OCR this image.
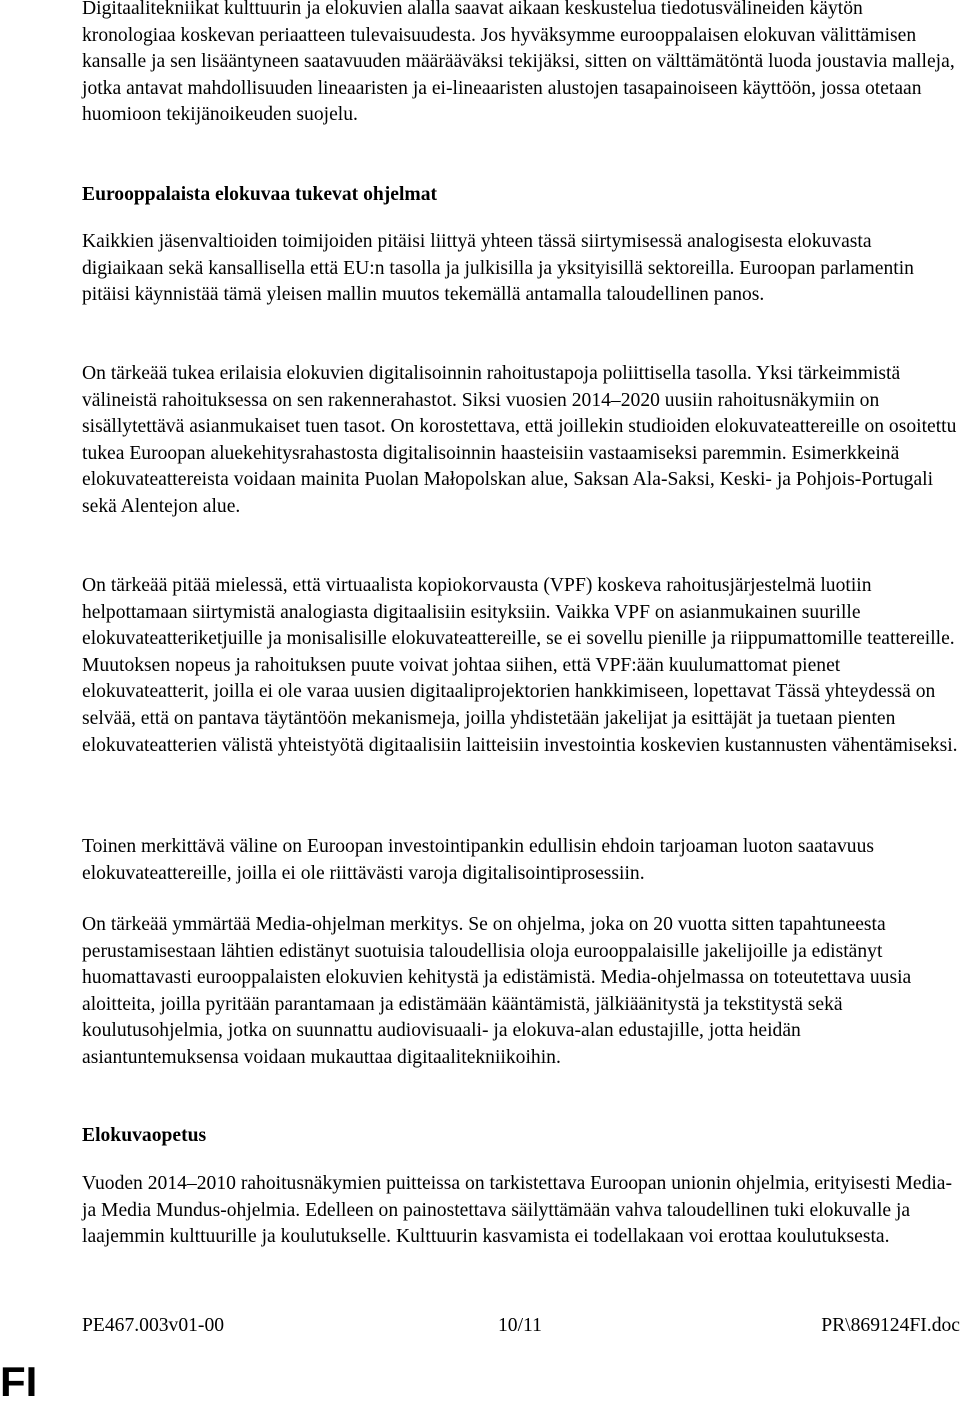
Digitaalitekniikat kulttuurin ja elokuvien alalla saavat aikaan keskustelua tiedotusvälineiden käytön kronologiaa koskevan periaatteen tulevaisuudesta. Jos hyväksymme eurooppalaisen elokuvan välittämisen kansalle ja sen lisääntyneen saatavuuden määrääväksi tekijäksi, sitten on välttämätöntä luoda joustavia malleja, jotka antavat mahdollisuuden lineaaristen ja ei-lineaaristen alustojen tasapainoiseen käyttöön, jossa otetaan huomioon tekijänoikeuden suojelu.

Eurooppalaista elokuvaa tukevat ohjelmat

Kaikkien jäsenvaltioiden toimijoiden pitäisi liittyä yhteen tässä siirtymisessä analogisesta elokuvasta digiaikaan sekä kansallisella että EU:n tasolla ja julkisilla ja yksityisillä sektoreilla. Euroopan parlamentin pitäisi käynnistää tämä yleisen mallin muutos tekemällä antamalla taloudellinen panos.

On tärkeää tukea erilaisia elokuvien digitalisoinnin rahoitustapoja poliittisella tasolla. Yksi tärkeimmistä välineistä rahoituksessa on sen rakennerahastot. Siksi vuosien 2014–2020 uusiin rahoitusnäkymiin on sisällytettävä asianmukaiset tuen tasot. On korostettava, että joillekin studioiden elokuvateattereille on osoitettu tukea Euroopan aluekehitysrahastosta digitalisoinnin haasteisiin vastaamiseksi paremmin. Esimerkkeinä elokuvateattereista voidaan mainita Puolan Małopolskan alue, Saksan Ala-Saksi, Keski- ja Pohjois-Portugali sekä Alentejon alue.

On tärkeää pitää mielessä, että virtuaalista kopiokorvausta (VPF) koskeva rahoitusjärjestelmä luotiin helpottamaan siirtymistä analogiasta digitaalisiin esityksiin. Vaikka VPF on asianmukainen suurille elokuvateatteriketjuille ja monisalisille elokuvateattereille, se ei sovellu pienille ja riippumattomille teattereille. Muutoksen nopeus ja rahoituksen puute voivat johtaa siihen, että VPF:ään kuulumattomat pienet elokuvateatterit, joilla ei ole varaa uusien digitaaliprojektorien hankkimiseen, lopettavat Tässä yhteydessä on selvää, että on pantava täytäntöön mekanismeja, joilla yhdistetään jakelijat ja esittäjät ja tuetaan pienten elokuvateatterien välistä yhteistyötä digitaalisiin laitteisiin investointia koskevien kustannusten vähentämiseksi.

Toinen merkittävä väline on Euroopan investointipankin edullisin ehdoin tarjoaman luoton saatavuus elokuvateattereille, joilla ei ole riittävästi varoja digitalisointiprosessiin.

On tärkeää ymmärtää Media-ohjelman merkitys. Se on ohjelma, joka on 20 vuotta sitten tapahtuneesta perustamisestaan lähtien edistänyt suotuisia taloudellisia oloja eurooppalaisille jakelijoille ja edistänyt huomattavasti eurooppalaisten elokuvien kehitystä ja edistämistä. Media-ohjelmassa on toteutettava uusia aloitteita, joilla pyritään parantamaan ja edistämään kääntämistä, jälkiäänitystä ja tekstitystä sekä koulutusohjelmia, jotka on suunnattu audiovisuaali- ja elokuva-alan edustajille, jotta heidän asiantuntemuksensa voidaan mukauttaa digitaalitekniikoihin.

Elokuvaopetus

Vuoden 2014–2010 rahoitusnäkymien puitteissa on tarkistettava Euroopan unionin ohjelmia, erityisesti Media- ja Media Mundus-ohjelmia. Edelleen on painostettava säilyttämään vahva taloudellinen tuki elokuvalle ja laajemmin kulttuurille ja koulutukselle. Kulttuurin kasvamista ei todellakaan voi erottaa koulutuksesta.

PE467.003v01-00	10/11	PR\869124FI.doc
FI
